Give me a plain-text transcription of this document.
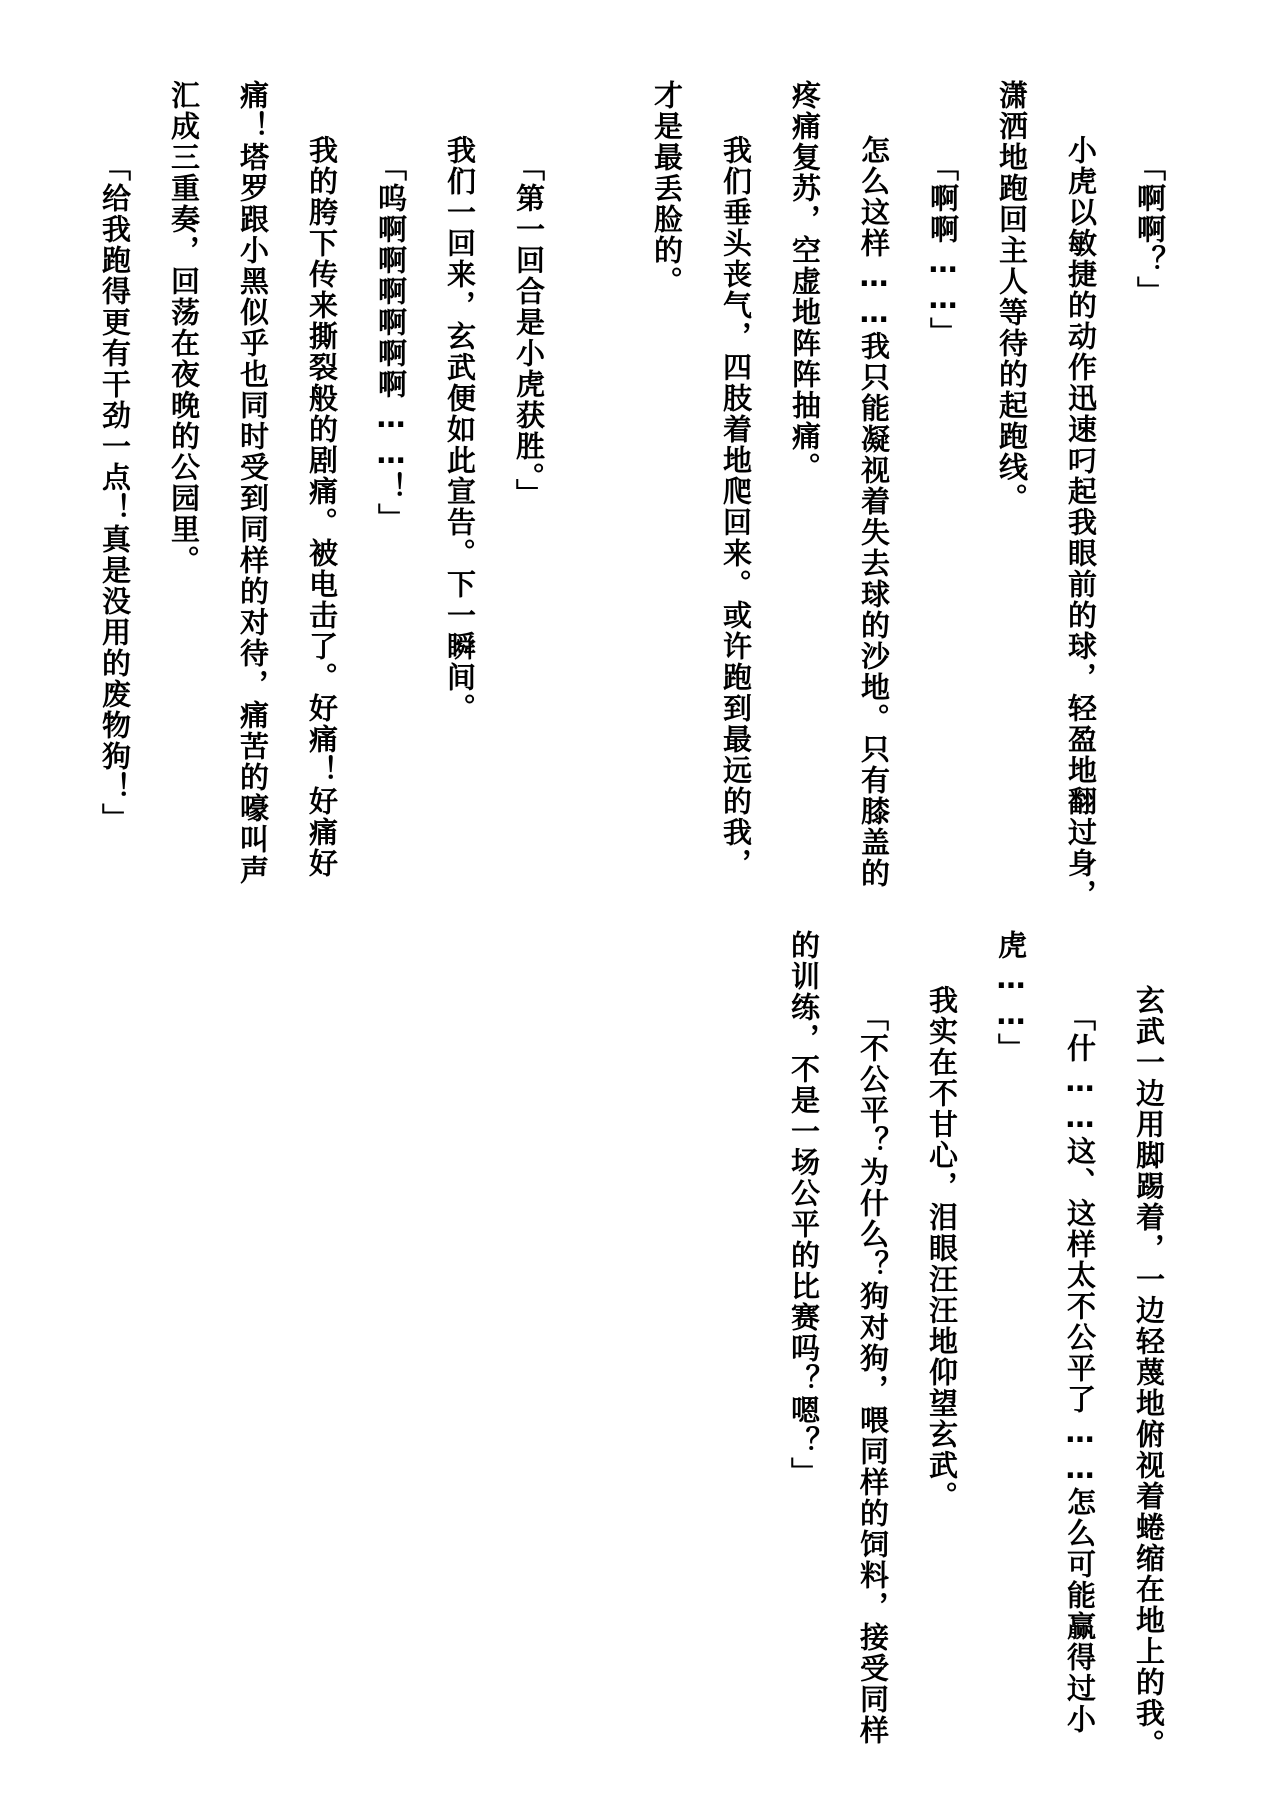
「啊啊？」
小虎以敏捷的动作迅速叼起我眼前的球，轻盈地翻过身，
潇洒地跑回主人等待的起跑线。
「啊啊……」
怎么这样……我只能凝视着失去球的沙地。只有膝盖的
疼痛复苏，空虚地阵阵抽痛。
我们垂头丧气，四肢着地爬回来。或许跑到最远的我，
才是最丢脸的。
「第一回合是小虎获胜。」
我们一回来，玄武便如此宣告。下一瞬间。
「呜啊啊啊啊啊啊……！」
我的胯下传来撕裂般的剧痛。被电击了。好痛！好痛好
痛！塔罗跟小黑似乎也同时受到同样的对待，痛苦的嚎叫声
汇成三重奏，回荡在夜晚的公园里。
「给我跑得更有干劲一点！真是没用的废物狗！」
玄武一边用脚踢着，一边轻蔑地俯视着蜷缩在地上的我。
「什……这、这样太不公平了……怎么可能赢得过小
虎……」
我实在不甘心，泪眼汪汪地仰望玄武。
「不公平？为什么？狗对狗，喂同样的饲料，接受同样
的训练，不是一场公平的比赛吗？嗯？」
